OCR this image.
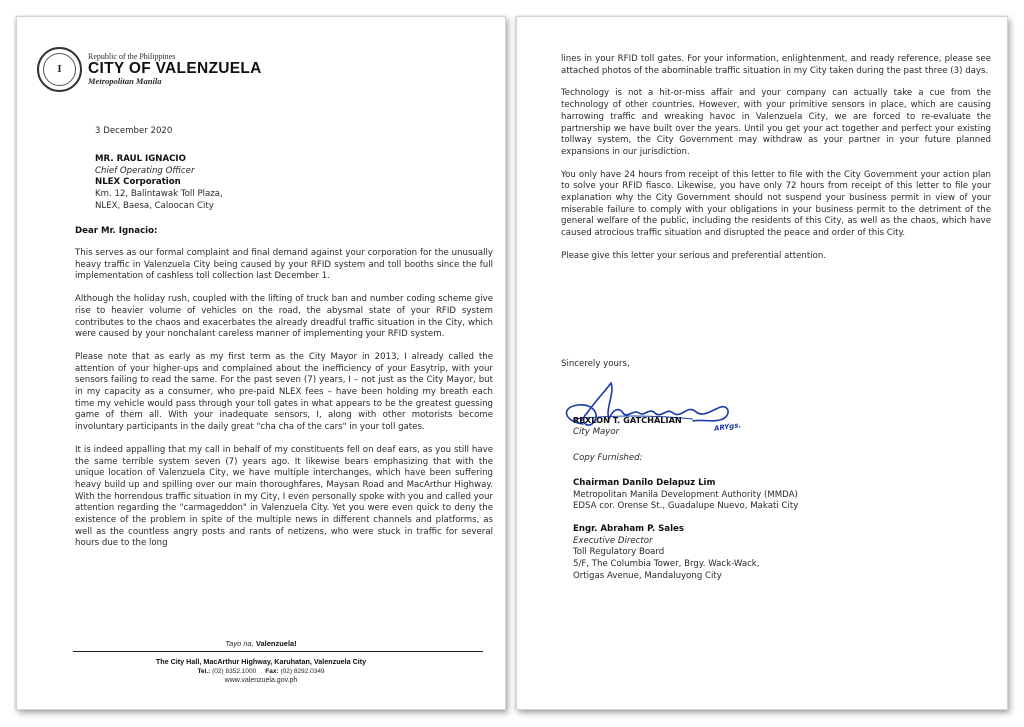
I
Republic of the Philippines
CITY OF VALENZUELA
Metropolitan Manila
3 December 2020
MR. RAUL IGNACIO
Chief Operating Officer
NLEX Corporation
Km. 12, Balintawak Toll Plaza,
NLEX, Baesa, Caloocan City
Dear Mr. Ignacio:

This serves as our formal complaint and final demand against your corporation for the unusually heavy traffic in Valenzuela City being caused by your RFID system and toll booths since the full implementation of cashless toll collection last December 1.

Although the holiday rush, coupled with the lifting of truck ban and number coding scheme give rise to heavier volume of vehicles on the road, the abysmal state of your RFID system contributes to the chaos and exacerbates the already dreadful traffic situation in the City, which were caused by your nonchalant careless manner of implementing your RFID system.

Please note that as early as my first term as the City Mayor in 2013, I already called the attention of your higher-ups and complained about the inefficiency of your Easytrip, with your sensors failing to read the same. For the past seven (7) years, I – not just as the City Mayor, but in my capacity as a consumer, who pre-paid NLEX fees – have been holding my breath each time my vehicle would pass through your toll gates in what appears to be the greatest guessing game of them all. With your inadequate sensors, I, along with other motorists become involuntary participants in the daily great "cha cha of the cars" in your toll gates.

It is indeed appalling that my call in behalf of my constituents fell on deaf ears, as you still have the same terrible system seven (7) years ago. It likewise bears emphasizing that with the unique location of Valenzuela City, we have multiple interchanges, which have been suffering heavy build up and spilling over our main thoroughfares, Maysan Road and MacArthur Highway. With the horrendous traffic situation in my City, I even personally spoke with you and called your attention regarding the "carmageddon" in Valenzuela City. Yet you were even quick to deny the existence of the problem in spite of the multiple news in different channels and platforms, as well as the countless angry posts and rants of netizens, who were stuck in traffic for several hours due to the long

Tayo na, Valenzuela!
The City Hall, MacArthur Highway, Karuhatan, Valenzuela City
Tel.: (02) 8352.1000 Fax: (02) 8292.0349
www.valenzuela.gov.ph

lines in your RFID toll gates. For your information, enlightenment, and ready reference, please see attached photos of the abominable traffic situation in my City taken during the past three (3) days.

Technology is not a hit-or-miss affair and your company can actually take a cue from the technology of other countries. However, with your primitive sensors in place, which are causing harrowing traffic and wreaking havoc in Valenzuela City, we are forced to re-evaluate the partnership we have built over the years. Until you get your act together and perfect your existing tollway system, the City Government may withdraw as your partner in your future planned expansions in our jurisdiction.

You only have 24 hours from receipt of this letter to file with the City Government your action plan to solve your RFID fiasco. Likewise, you have only 72 hours from receipt of this letter to file your explanation why the City Government should not suspend your business permit in view of your miserable failure to comply with your obligations in your business permit to the detriment of the general welfare of the public, including the residents of this City, as well as the chaos, which have caused atrocious traffic situation and disrupted the peace and order of this City.

Please give this letter your serious and preferential attention.

Sincerely yours,
REXLON T. GATCHALIAN
City Mayor	ARYgs.
Copy Furnished:
Chairman Danilo Delapuz Lim
Metropolitan Manila Development Authority (MMDA)
EDSA cor. Orense St., Guadalupe Nuevo, Makati City
Engr. Abraham P. Sales
Executive Director
Toll Regulatory Board
5/F, The Columbia Tower, Brgy. Wack-Wack,
Ortigas Avenue, Mandaluyong City
